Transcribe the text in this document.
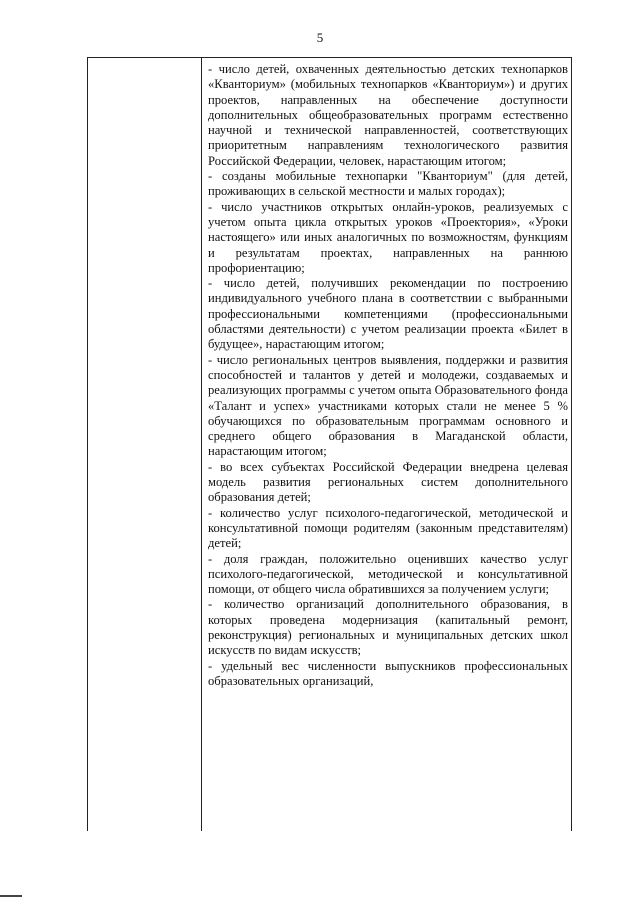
5

- число детей, охваченных деятельностью детских технопарков «Кванториум» (мобильных технопарков «Кванториум») и других проектов, направленных на обеспечение доступности дополнительных общеобразовательных программ естественно научной и технической направленностей, соответствующих приоритетным направлениям технологического развития Российской Федерации, человек, нарастающим итогом;

- созданы мобильные технопарки "Кванториум" (для детей, проживающих в сельской местности и малых городах);

- число участников открытых онлайн-уроков, реализуемых с учетом опыта цикла открытых уроков «Проектория», «Уроки настоящего» или иных аналогичных по возможностям, функциям и результатам проектах, направленных на раннюю профориентацию;

- число детей, получивших рекомендации по построению индивидуального учебного плана в соответствии с выбранными профессиональными компетенциями (профессиональными областями деятельности) с учетом реализации проекта «Билет в будущее», нарастающим итогом;

- число региональных центров выявления, поддержки и развития способностей и талантов у детей и молодежи, создаваемых и реализующих программы с учетом опыта Образовательного фонда «Талант и успех» участниками которых стали не менее 5 % обучающихся по образовательным программам основного и среднего общего образования в Магаданской области, нарастающим итогом;

- во всех субъектах Российской Федерации внедрена целевая модель развития региональных систем дополнительного образования детей;

- количество услуг психолого-педагогической, методической и консультативной помощи родителям (законным представителям) детей;

- доля граждан, положительно оценивших качество услуг психолого-педагогической, методической и консультативной помощи, от общего числа обратившихся за получением услуги;

- количество организаций дополнительного образования, в которых проведена модернизация (капитальный ремонт, реконструкция) региональных и муниципальных детских школ искусств по видам искусств;

- удельный вес численности выпускников профессиональных образовательных организаций,
